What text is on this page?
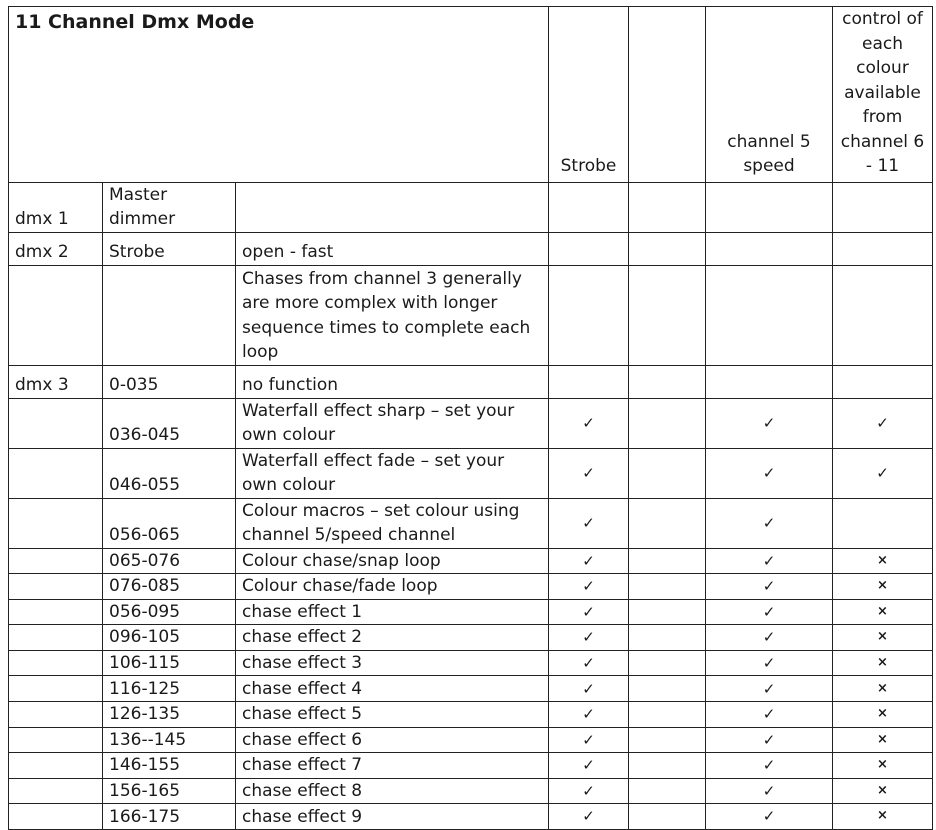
11 Channel Dmx Mode			Strobe		channel 5 speed	control of each colour available from channel 6 - 11
dmx 1	Master dimmer					
dmx 2	Strobe	open - fast				
		Chases from channel 3 generally are more complex with longer sequence times to complete each loop				
dmx 3	0-035	no function				
	036-045	Waterfall effect sharp – set your own colour	✓		✓	✓
	046-055	Waterfall effect fade – set your own colour	✓		✓	✓
	056-065	Colour macros – set colour using channel 5/speed channel	✓		✓	
	065-076	Colour chase/snap loop	✓		✓	×
	076-085	Colour chase/fade loop	✓		✓	×
	056-095	chase effect 1	✓		✓	×
	096-105	chase effect 2	✓		✓	×
	106-115	chase effect 3	✓		✓	×
	116-125	chase effect 4	✓		✓	×
	126-135	chase effect 5	✓		✓	×
	136--145	chase effect 6	✓		✓	×
	146-155	chase effect 7	✓		✓	×
	156-165	chase effect 8	✓		✓	×
	166-175	chase effect 9	✓		✓	×
